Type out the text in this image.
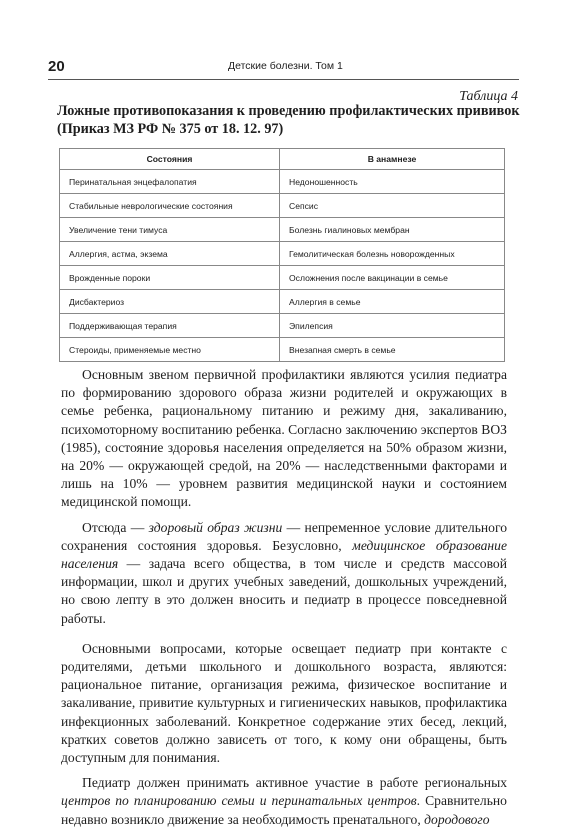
20	Детские болезни. Том 1
Таблица 4
Ложные противопоказания к проведению профилактических прививок (Приказ МЗ РФ № 375 от 18. 12. 97)
Состояния	В анамнезе
Перинатальная энцефалопатия	Недоношенность
Стабильные неврологические состояния	Сепсис
Увеличение тени тимуса	Болезнь гиалиновых мембран
Аллергия, астма, экзема	Гемолитическая болезнь новорожденных
Врожденные пороки	Осложнения после вакцинации в семье
Дисбактериоз	Аллергия в семье
Поддерживающая терапия	Эпилепсия
Стероиды, применяемые местно	Внезапная смерть в семье

Основным звеном первичной профилактики являются усилия педиатра по формированию здорового образа жизни родителей и окружающих в семье ребенка, рациональному питанию и режиму дня, закаливанию, психомоторному воспитанию ребенка. Согласно заключению экспертов ВОЗ (1985), состояние здоровья населения определяется на 50% образом жизни, на 20% — окружающей средой, на 20% — наследственными факторами и лишь на 10% — уровнем развития медицинской науки и состоянием медицинской помощи.

Отсюда — здоровый образ жизни — непременное условие длительного сохранения состояния здоровья. Безусловно, медицинское образование населения — задача всего общества, в том числе и средств массовой информации, школ и других учебных заведений, дошкольных учреждений, но свою лепту в это должен вносить и педиатр в процессе повседневной работы.

Основными вопросами, которые освещает педиатр при контакте с родителями, детьми школьного и дошкольного возраста, являются: рациональное питание, организация режима, физическое воспитание и закаливание, привитие культурных и гигиенических навыков, профилактика инфекционных заболеваний. Конкретное содержание этих бесед, лекций, кратких советов должно зависеть от того, к кому они обращены, быть доступным для понимания.

Педиатр должен принимать активное участие в работе региональных центров по планированию семьи и перинатальных центров. Сравнительно недавно возникло движение за необходимость пренатального, дородового
